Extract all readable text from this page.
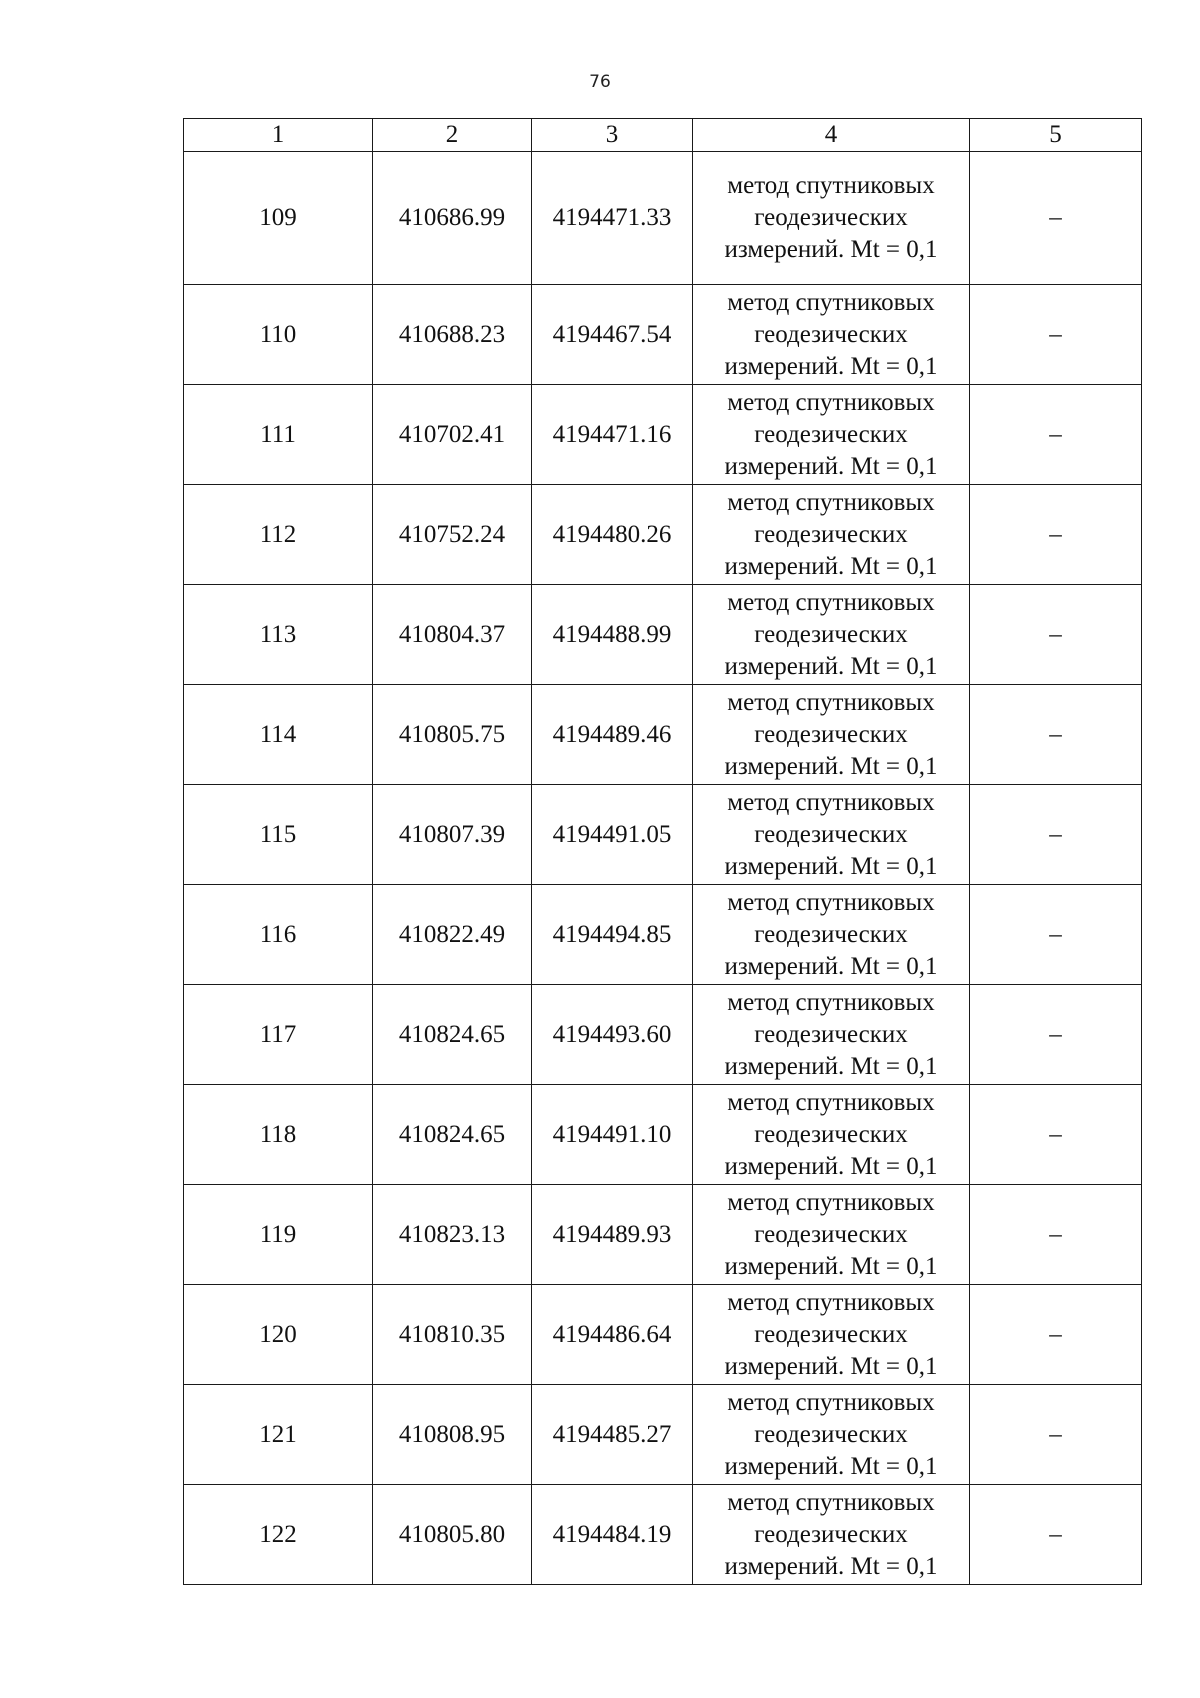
76
1	2	3	4	5
109	410686.99	4194471.33	метод спутниковых
геодезических
измерений. Mt = 0,1	–
110	410688.23	4194467.54	метод спутниковых
геодезических
измерений. Mt = 0,1	–
111	410702.41	4194471.16	метод спутниковых
геодезических
измерений. Mt = 0,1	–
112	410752.24	4194480.26	метод спутниковых
геодезических
измерений. Mt = 0,1	–
113	410804.37	4194488.99	метод спутниковых
геодезических
измерений. Mt = 0,1	–
114	410805.75	4194489.46	метод спутниковых
геодезических
измерений. Mt = 0,1	–
115	410807.39	4194491.05	метод спутниковых
геодезических
измерений. Mt = 0,1	–
116	410822.49	4194494.85	метод спутниковых
геодезических
измерений. Mt = 0,1	–
117	410824.65	4194493.60	метод спутниковых
геодезических
измерений. Mt = 0,1	–
118	410824.65	4194491.10	метод спутниковых
геодезических
измерений. Mt = 0,1	–
119	410823.13	4194489.93	метод спутниковых
геодезических
измерений. Mt = 0,1	–
120	410810.35	4194486.64	метод спутниковых
геодезических
измерений. Mt = 0,1	–
121	410808.95	4194485.27	метод спутниковых
геодезических
измерений. Mt = 0,1	–
122	410805.80	4194484.19	метод спутниковых
геодезических
измерений. Mt = 0,1	–
